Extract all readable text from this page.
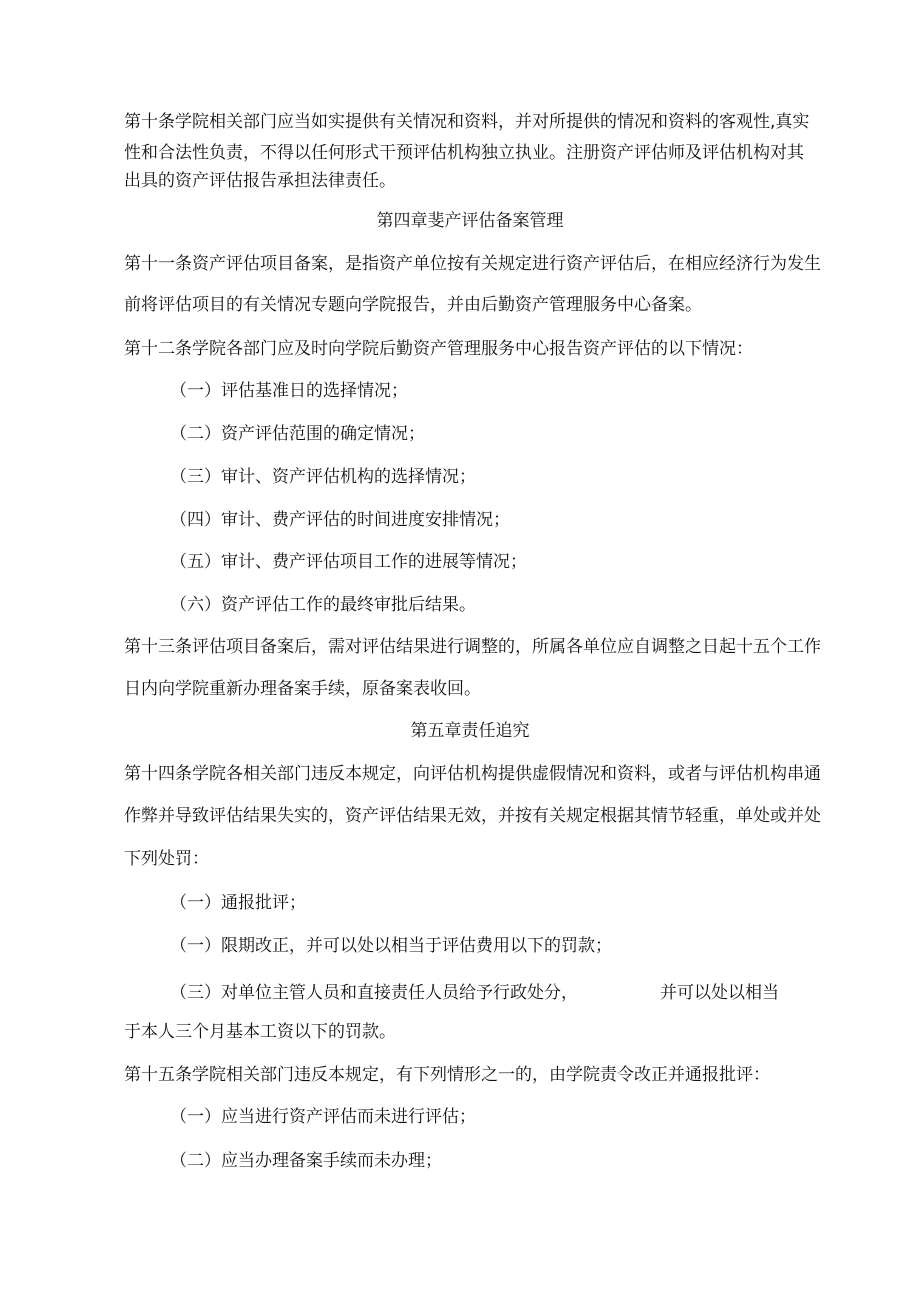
第十条学院相关部门应当如实提供有关情况和资料，并对所提供的情况和资料的客观性,真实

性和合法性负责，不得以任何形式干预评估机构独立执业。注册资产评估师及评估机构对其

出具的资产评估报告承担法律责任。

第四章斐产评估备案管理

第十一条资产评估项目备案，是指资产单位按有关规定进行资产评估后，在相应经济行为发生

前将评估项目的有关情况专题向学院报告，并由后勤资产管理服务中心备案。

第十二条学院各部门应及时向学院后勤资产管理服务中心报告资产评估的以下情况：

（一）评估基准日的选择情况；

（二）资产评估范围的确定情况；

（三）审计、资产评估机构的选择情况；

（四）审计、费产评估的时间进度安排情况；

（五）审计、费产评估项目工作的进展等情况；

（六）资产评估工作的最终审批后结果。

第十三条评估项目备案后，需对评估结果进行调整的，所属各单位应自调整之日起十五个工作

日内向学院重新办理备案手续，原备案表收回。

第五章责任追究

第十四条学院各相关部门违反本规定，向评估机构提供虚假情况和资料，或者与评估机构串通

作弊并导致评估结果失实的，资产评估结果无效，并按有关规定根据其情节轻重，单处或并处

下列处罚：

（一）通报批评；

（一）限期改正，并可以处以相当于评估费用以下的罚款；

（三）对单位主管人员和直接责任人员给予行政处分，	并可以处以相当

于本人三个月基本工资以下的罚款。

第十五条学院相关部门违反本规定，有下列情形之一的，由学院责令改正并通报批评：

（一）应当进行资产评估而未进行评估；

（二）应当办理备案手续而未办理；
